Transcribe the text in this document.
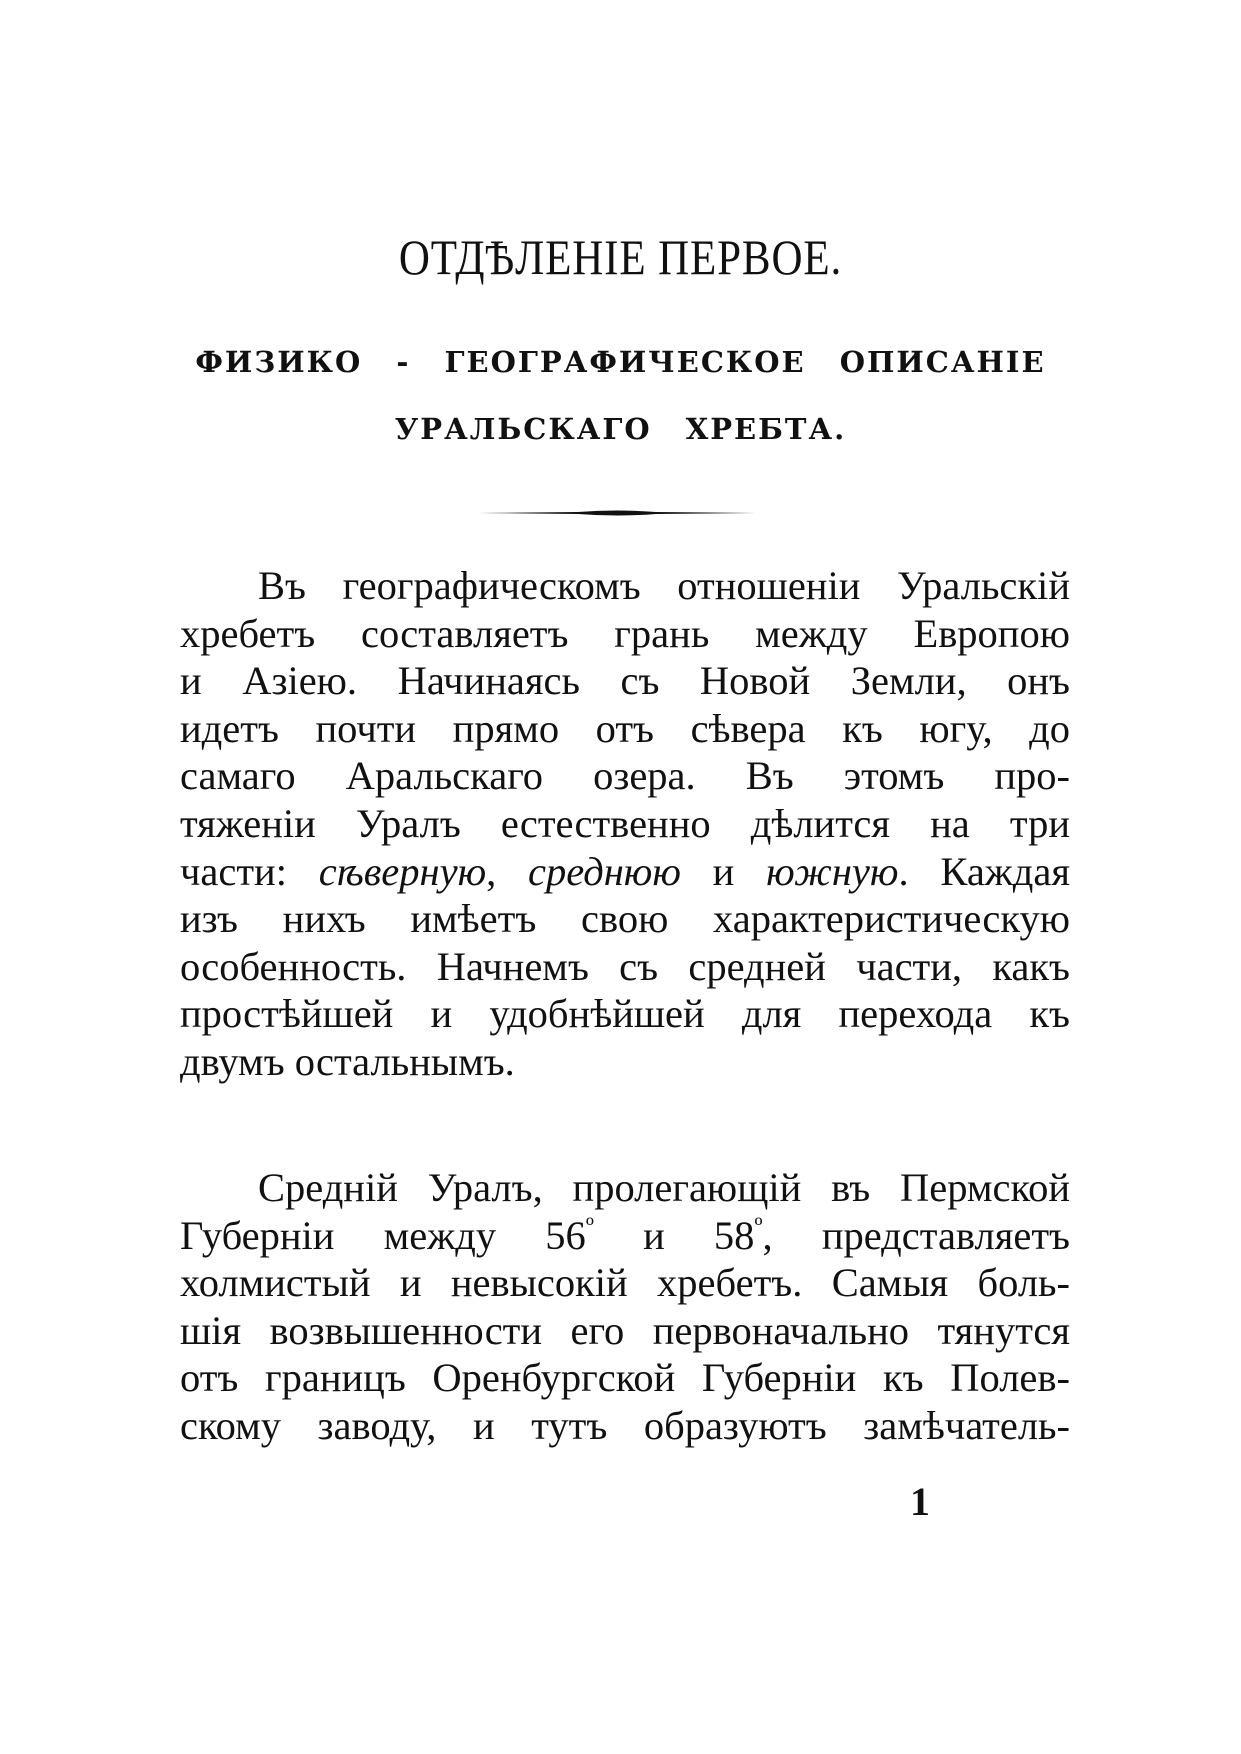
ОТДѢЛЕНІЕ ПЕРВОЕ.
ФИЗИКО - ГЕОГРАФИЧЕСКОЕ ОПИСАНІЕ
УРАЛЬСКАГО ХРЕБТА.
Въ географическомъ отношеніи Уральскій
хребетъ составляетъ грань между Европою
и Азіею. Начинаясь съ Новой Земли, онъ
идетъ почти прямо отъ сѣвера къ югу, до
самаго Аральскаго озера. Въ этомъ про-
тяженіи Уралъ естественно дѣлится на три
части: сѣверную, среднюю и южную. Каждая
изъ нихъ имѣетъ свою характеристическую
особенность. Начнемъ съ средней части, какъ
простѣйшей и удобнѣйшей для перехода къ
двумъ остальнымъ.
Средній Уралъ, пролегающій въ Пермской
Губерніи между $56^º$ и $58^º$, представляетъ
холмистый и невысокій хребетъ. Самыя боль-
шія возвышенности его первоначально тянутся
отъ границъ Оренбургской Губерніи къ Полев-
скому заводу, и тутъ образуютъ замѣчатель-
1
